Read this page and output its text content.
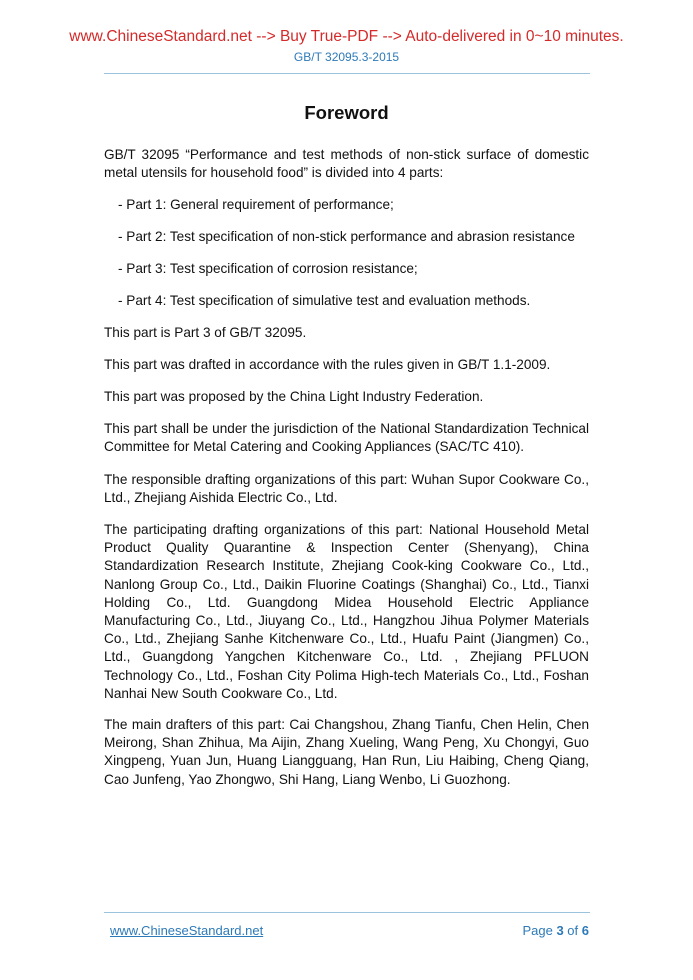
www.ChineseStandard.net --> Buy True-PDF --> Auto-delivered in 0~10 minutes.
GB/T 32095.3-2015
Foreword
GB/T 32095 “Performance and test methods of non-stick surface of domestic metal utensils for household food” is divided into 4 parts:
- Part 1: General requirement of performance;
- Part 2: Test specification of non-stick performance and abrasion resistance
- Part 3: Test specification of corrosion resistance;
- Part 4: Test specification of simulative test and evaluation methods.
This part is Part 3 of GB/T 32095.
This part was drafted in accordance with the rules given in GB/T 1.1-2009.
This part was proposed by the China Light Industry Federation.
This part shall be under the jurisdiction of the National Standardization Technical Committee for Metal Catering and Cooking Appliances (SAC/TC 410).
The responsible drafting organizations of this part: Wuhan Supor Cookware Co., Ltd., Zhejiang Aishida Electric Co., Ltd.
The participating drafting organizations of this part: National Household Metal Product Quality Quarantine & Inspection Center (Shenyang), China Standardization Research Institute, Zhejiang Cook-king Cookware Co., Ltd., Nanlong Group Co., Ltd., Daikin Fluorine Coatings (Shanghai) Co., Ltd., Tianxi Holding Co., Ltd. Guangdong Midea Household Electric Appliance Manufacturing Co., Ltd., Jiuyang Co., Ltd., Hangzhou Jihua Polymer Materials Co., Ltd., Zhejiang Sanhe Kitchenware Co., Ltd., Huafu Paint (Jiangmen) Co., Ltd., Guangdong Yangchen Kitchenware Co., Ltd. , Zhejiang PFLUON Technology Co., Ltd., Foshan City Polima High-tech Materials Co., Ltd., Foshan Nanhai New South Cookware Co., Ltd.
The main drafters of this part: Cai Changshou, Zhang Tianfu, Chen Helin, Chen Meirong, Shan Zhihua, Ma Aijin, Zhang Xueling, Wang Peng, Xu Chongyi, Guo Xingpeng, Yuan Jun, Huang Liangguang, Han Run, Liu Haibing, Cheng Qiang, Cao Junfeng, Yao Zhongwo, Shi Hang, Liang Wenbo, Li Guozhong.
www.ChineseStandard.net	Page 3 of 6
